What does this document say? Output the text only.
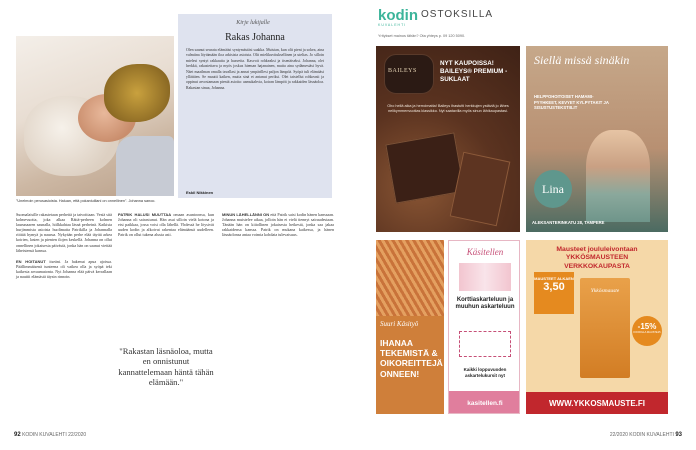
"Unelmoin perusasioista. Haluan, että pokaniuillani on onnellinen". Johanna sanoo.
Kirje lukijalle
Rakas Johanna
Olen saanut seurata elämääsi syntymästäsi saakka. Muistan, kun olit pieni ja sokea, aina valmiina löytämään iloa arkisista asioista. Olit mielikuvituksellinen ja utelias. Jo silloin mielesi syntyi rakkautta ja haaveita. Kasvoit rohkeaksi ja itsenäiseksi. Johanna, olet herkkä, rakastettava ja myös joskus hieman hajanainen, mutta aina sydämestäsi hyvä. Näet maailman omalla tavallasi ja annat ympärillesi paljon lämpöä. Syöpä tuli elämääsi yllättäen. Se muutti kaiken, mutta sinä et antanut periksi. Olet taistellut rohkeasti ja oppinut arvostamaan pieniä asioita: aamukahvia, koiran lämpöä ja rakkaiden läsnäoloa. Rakastan sinua, Johanna.
Eskil Nikkinen
Suomalaisille rakastetaan perheitä ja taivoittaan. Vesiä sitä kolmevuotta, joka alkaa Rättä-perheen kolmen laurunaaren saunalla, hiilkkahtaa läsnä perheinä. Kaikista hurjimmista asioista huolimatta Patrikilla ja Johannalla riittää hymyä ja naurua. Nykyään perhe elää täyttä arkea koirien, lasten ja pienten ilojen keskellä. Johanna on ollut onnellinen jokaisesta päivästä, jonka hän on saanut viettää läheistensä kanssa.
EN HOITANUT itseäni. Ja hakenut apua ajoissa. Päällimmäisenä tunteena oli vaikea olla ja syöpä teki kaikesta arvaamatonta. Nyt Johanna elää päivä kerrallaan ja nauttii elämästä täysin rinnoin.
PATRIK HALUSI MUUTTAA omaan asuntoonsa, kun Johanna oli sairastunut. Hän asui silloin vielä kotona ja etsi paikkaa, jossa voisi olla lähellä. Yhdessä he löysivät uuden kodin ja alkoivat rakentaa elämäänsä uudelleen. Patrik on ollut tukena alusta asti.
"Rakastan läsnäoloa, mutta en onnistunut kannattelemaan häntä tähän elämään."
MINUN LÄHELLÄNNI ON että Patrik saisi kodin hänen kanssaan. Johanna muistelee aikaa, jolloin hän ei vielä tiennyt sairaudestaan. Tänään hän on kiitollinen jokaisesta hetkestä, jonka saa jakaa rakkaidensa kanssa. Patrik on mukana kaikessa, ja hänen läsnäolonsa antaa voimia kohdata tulevaisuus.
92 KODIN KUVALEHTI 22/2020
kodin
KUVALEHTI
OSTOKSILLA
Yritykset mainos tähän? Ota yhteys p. 09 120 5090.
BAILEYS
NYT KAUPOISSA! BAILEYS® PREMIUM -SUKLAAT
Oho hellä aika ja herroimatta! Baileys ihastutti herkkujen ystäviä jo lähes nelikymmenvuotias klassikko. Nyt saatavilla myös sinun lähikaupastasi.
Siellä missä sinäkin
HELPPOHOITOISET HAMAMI-PYYHKEET, KEVYET KYLPYTAKIT JA SISUSTUSTEKSTIILIT
Lina
ALEKSANTERINKATU 28, TAMPERE
Suuri Käsityö
IHANAA TEKEMISTÄ & OIKOREITTEJÄ ONNEEN!
Käsitellen
Korttiaskarteluun ja muuhun askarteluun
Kaikki loppuvuoden askartelukursit nyt
kasitellen.fi
Mausteet joululeivontaan YKKÖSMAUSTEEN VERKKOKAUPASTA
MAUSTEET ALKAEN
3,50	Ykkösmauste
-15%
KOODILLA MAUSTE15
WWW.YKKOSMAUSTE.FI
22/2020 KODIN KUVALEHTI 93
